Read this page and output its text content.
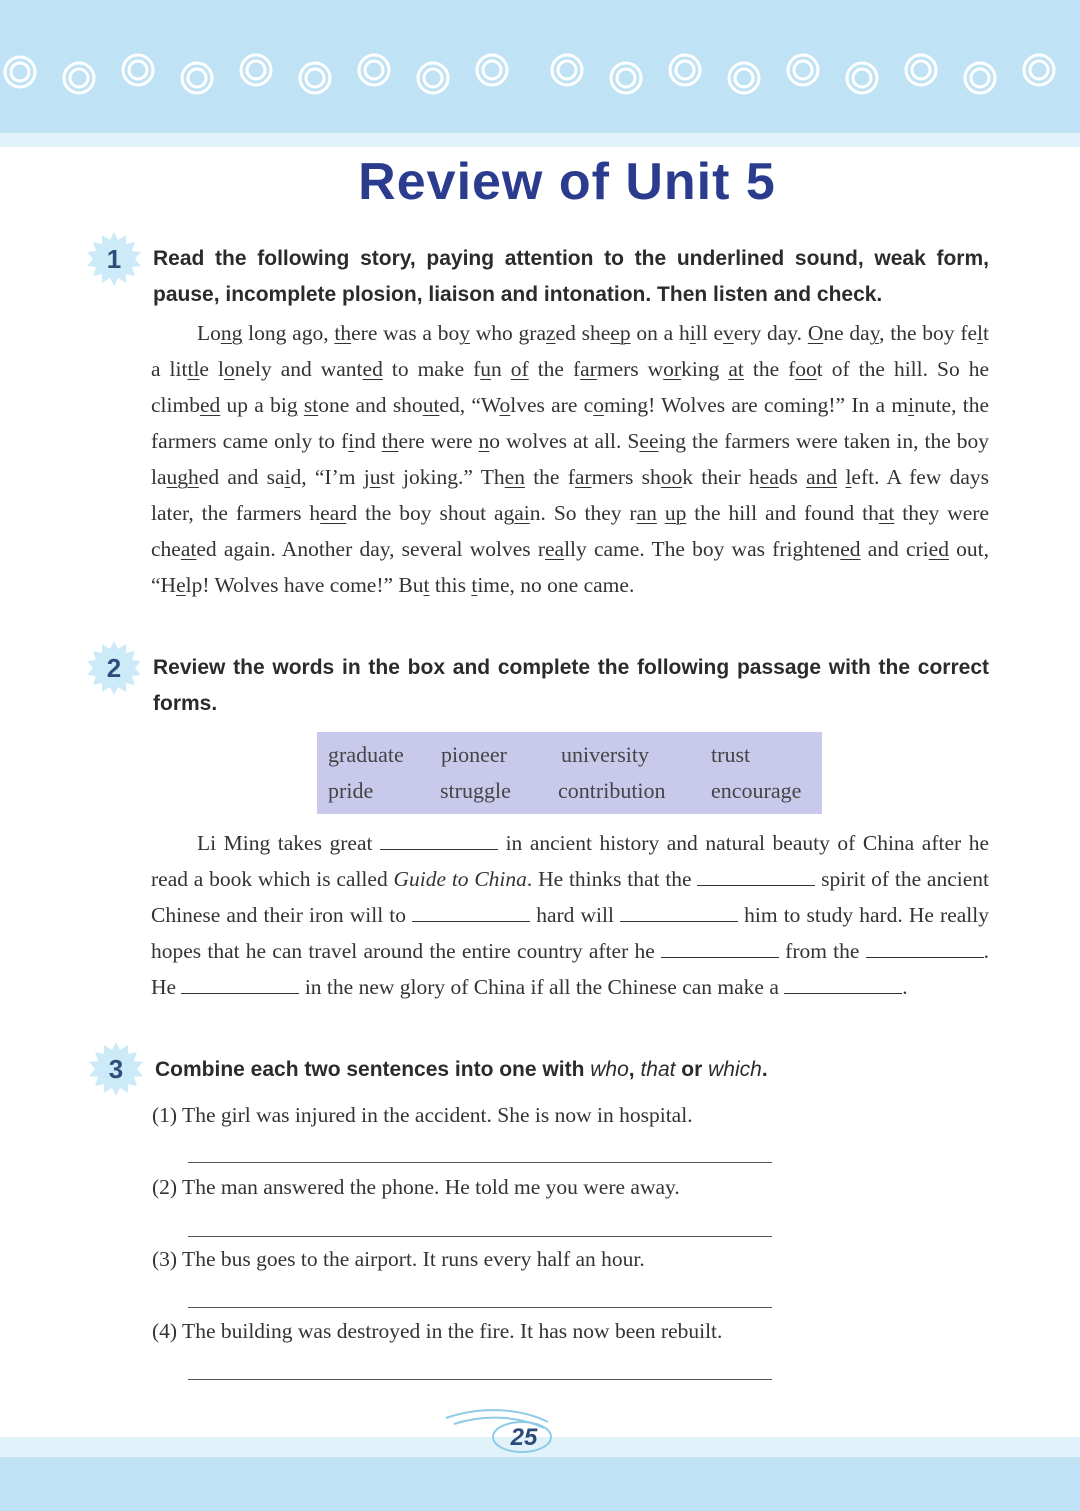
Review of Unit 5
1	Read the following story, paying attention to the underlined sound, weak form, pause, incomplete plosion, liaison and intonation. Then listen and check.

Long long ago, there was a boy who grazed sheep on a hill every day. One day, the boy felt a little lonely and wanted to make fun of the farmers working at the foot of the hill. So he climbed up a big stone and shouted, “Wolves are coming! Wolves are coming!” In a minute, the farmers came only to find there were no wolves at all. Seeing the farmers were taken in, the boy laughed and said, “I’m just joking.” Then the farmers shook their heads and left. A few days later, the farmers heard the boy shout again. So they ran up the hill and found that they were cheated again. Another day, several wolves really came. The boy was frightened and cried out, “Help! Wolves have come!” But this time, no one came.

2	Review the words in the box and complete the following passage with the correct forms.

graduate pioneer university	trust
pride	struggle contribution encourage

Li Ming takes great	in ancient history and natural beauty of China after he read a book which is called Guide to China. He thinks that the	spirit of the ancient Chinese and their iron will to	hard will	him to study hard. He really hopes that he can travel around the entire country after he	from the	. He	in the new glory of China if all the Chinese can make a	.

3	Combine each two sentences into one with who, that or which.

(1) The girl was injured in the accident. She is now in hospital.

(2) The man answered the phone. He told me you were away.

(3) The bus goes to the airport. It runs every half an hour.

(4) The building was destroyed in the fire. It has now been rebuilt.

25
